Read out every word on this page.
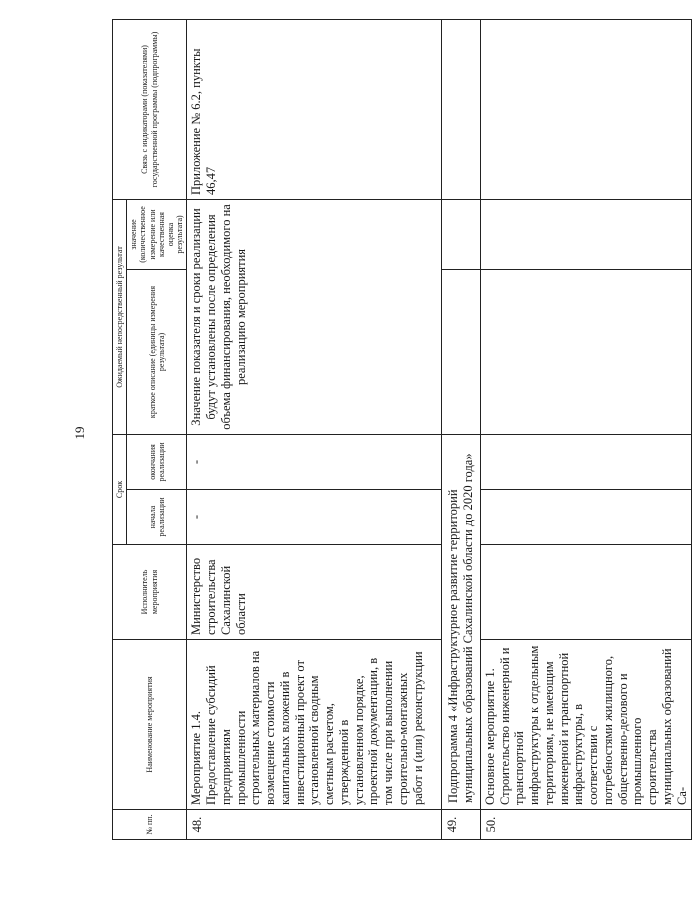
19
№ пп.	Наименование мероприятия	Исполнитель мероприятия	Срок		Ожидаемый непосредственный результат		Связь с индикаторами (показателями) государственной программы (подпрограммы)
			начала реализации	окончания реализации	краткое описание (единицы измерения результата)	значение (количественное измерение или качественная оценка результата)	
48.	Мероприятие 1.4. Предоставление субсидий предприятиям промышленности строительных материалов на возмещение стоимости капитальных вложений в инвестиционный проект от установленной сводным сметным расчетом, утвержденной в установленном порядке, проектной документации, в том числе при выполнении строительно-монтажных работ и (или) реконструкции	Министерство строительства Сахалинской области	-	-	Значение показателя и сроки реализации будут установлены после определения объема финансирования, необходимого на реализацию мероприятия		Приложение № 6.2, пункты 46,47
49.	Подпрограмма 4 «Инфраструктурное развитие территорий муниципальных образований Сахалинской области до 2020 года»						
50.	Основное мероприятие 1. Строительство инженерной и транспортной инфраструктуры к отдельным территориям, не имеющим инженерной и транспортной инфраструктуры, в соответствии с потребностями жилищного, общественно-делового и промышленного строительства муниципальных образований Са-						
